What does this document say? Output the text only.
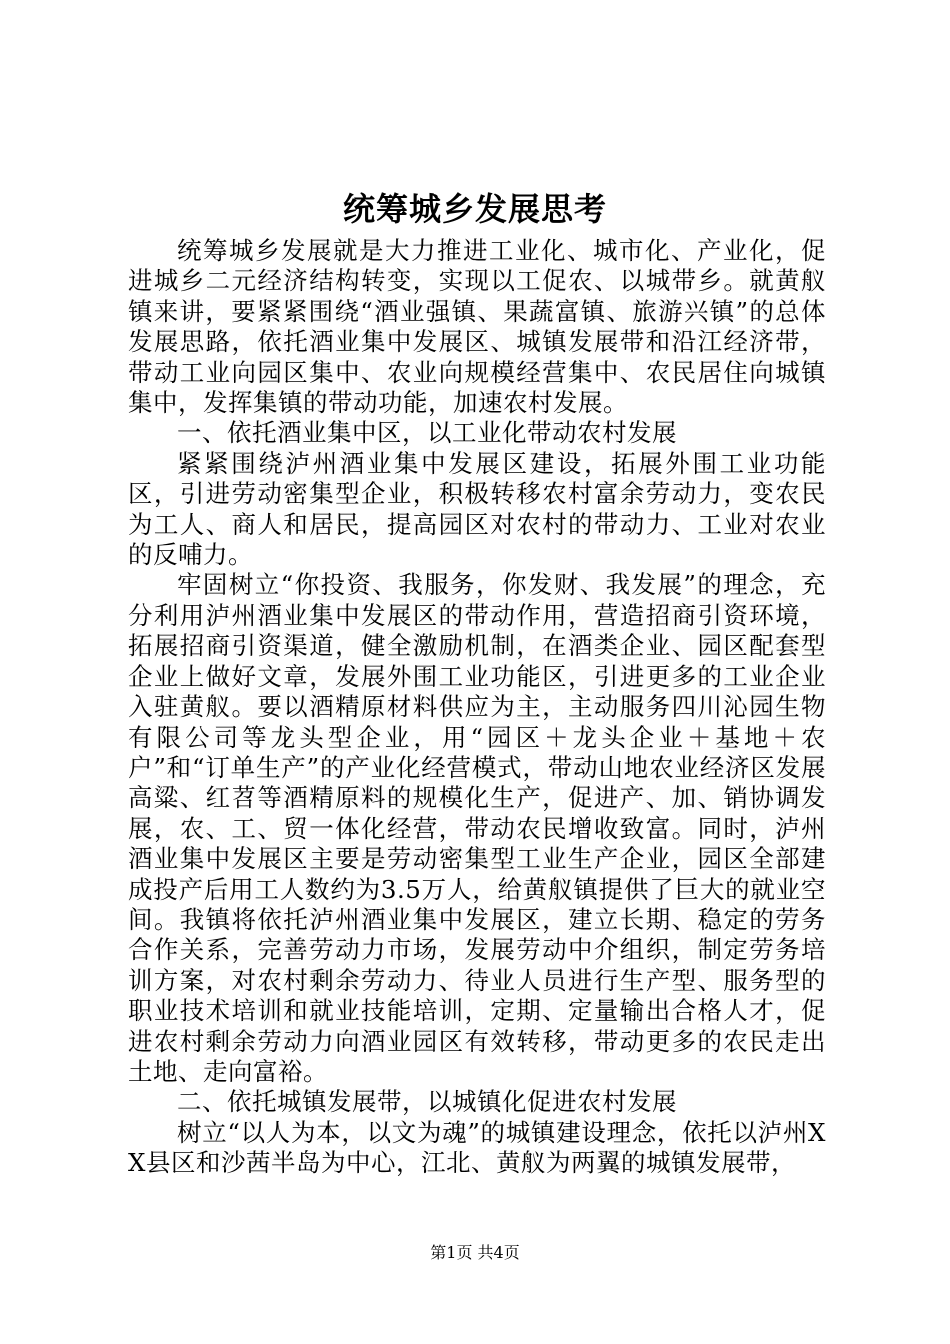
统筹城乡发展思考

统筹城乡发展就是大力推进工业化、城市化、产业化，促进城乡二元经济结构转变，实现以工促农、以城带乡。就黄舣镇来讲，要紧紧围绕“酒业强镇、果蔬富镇、旅游兴镇”的总体发展思路，依托酒业集中发展区、城镇发展带和沿江经济带，带动工业向园区集中、农业向规模经营集中、农民居住向城镇集中，发挥集镇的带动功能，加速农村发展。

一、依托酒业集中区，以工业化带动农村发展

紧紧围绕泸州酒业集中发展区建设，拓展外围工业功能区，引进劳动密集型企业，积极转移农村富余劳动力，变农民为工人、商人和居民，提高园区对农村的带动力、工业对农业的反哺力。

牢固树立“你投资、我服务，你发财、我发展”的理念，充分利用泸州酒业集中发展区的带动作用，营造招商引资环境，拓展招商引资渠道，健全激励机制，在酒类企业、园区配套型企业上做好文章，发展外围工业功能区，引进更多的工业企业入驻黄舣。要以酒精原材料供应为主，主动服务四川沁园生物有限公司等龙头型企业，用“园区＋龙头企业＋基地＋农户”和“订单生产”的产业化经营模式，带动山地农业经济区发展高粱、红苕等酒精原料的规模化生产，促进产、加、销协调发展，农、工、贸一体化经营，带动农民增收致富。同时，泸州酒业集中发展区主要是劳动密集型工业生产企业，园区全部建成投产后用工人数约为3.5万人，给黄舣镇提供了巨大的就业空间。我镇将依托泸州酒业集中发展区，建立长期、稳定的劳务合作关系，完善劳动力市场，发展劳动中介组织，制定劳务培训方案，对农村剩余劳动力、待业人员进行生产型、服务型的职业技术培训和就业技能培训，定期、定量输出合格人才，促进农村剩余劳动力向酒业园区有效转移，带动更多的农民走出土地、走向富裕。

二、依托城镇发展带，以城镇化促进农村发展

树立“以人为本，以文为魂”的城镇建设理念，依托以泸州XX县区和沙茜半岛为中心，江北、黄舣为两翼的城镇发展带，

第1页 共4页
